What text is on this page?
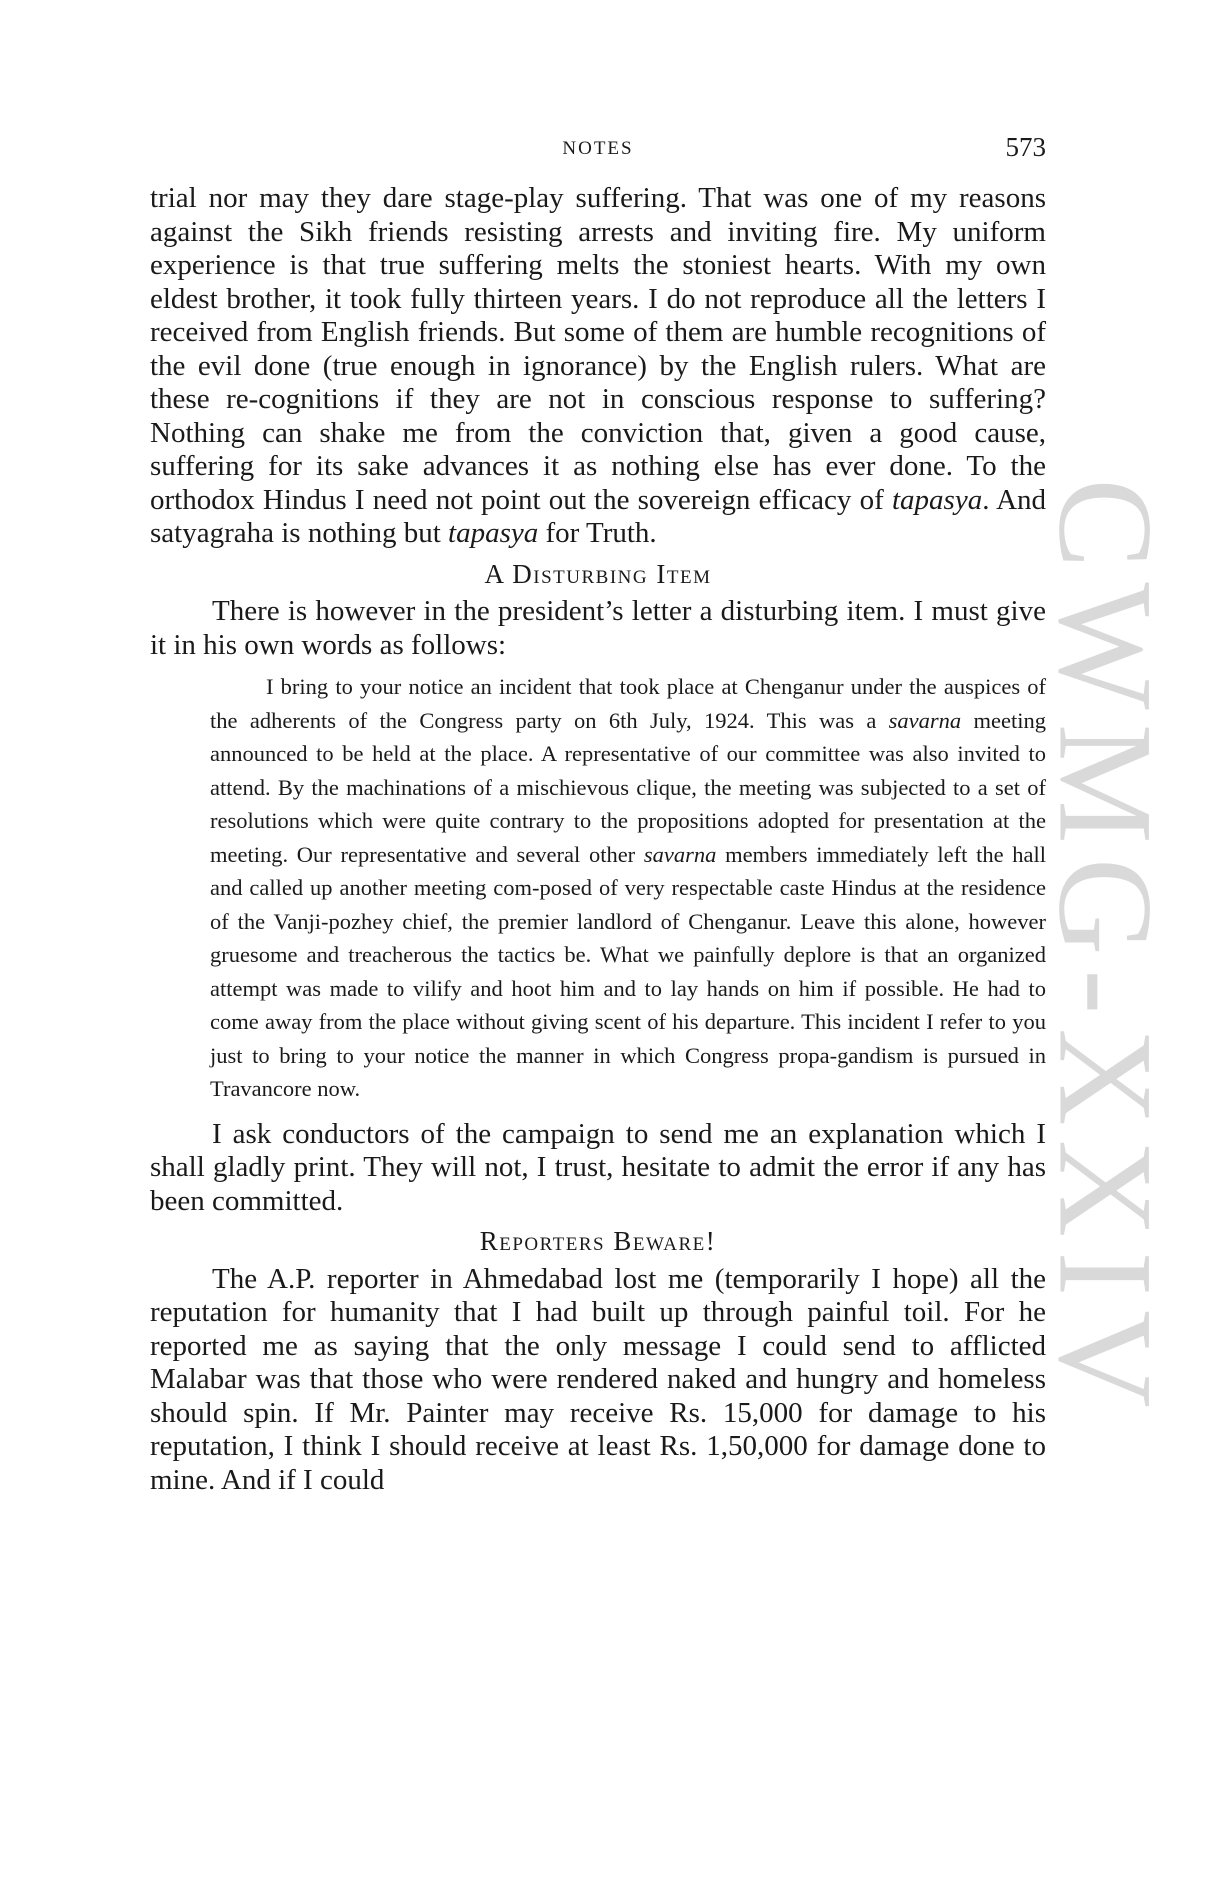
NOTES	573

trial nor may they dare stage-play suffering. That was one of my reasons against the Sikh friends resisting arrests and inviting fire. My uniform experience is that true suffering melts the stoniest hearts. With my own eldest brother, it took fully thirteen years. I do not reproduce all the letters I received from English friends. But some of them are humble recognitions of the evil done (true enough in ignorance) by the English rulers. What are these re-cognitions if they are not in conscious response to suffering? Nothing can shake me from the conviction that, given a good cause, suffering for its sake advances it as nothing else has ever done. To the orthodox Hindus I need not point out the sovereign efficacy of tapasya. And satyagraha is nothing but tapasya for Truth.

A Disturbing Item

There is however in the president’s letter a disturbing item. I must give it in his own words as follows:

I bring to your notice an incident that took place at Chenganur under the auspices of the adherents of the Congress party on 6th July, 1924. This was a savarna meeting announced to be held at the place. A representative of our committee was also invited to attend. By the machinations of a mischievous clique, the meeting was subjected to a set of resolutions which were quite contrary to the propositions adopted for presentation at the meeting. Our representative and several other savarna members immediately left the hall and called up another meeting com-posed of very respectable caste Hindus at the residence of the Vanji-pozhey chief, the premier landlord of Chenganur. Leave this alone, however gruesome and treacherous the tactics be. What we painfully deplore is that an organized attempt was made to vilify and hoot him and to lay hands on him if possible. He had to come away from the place without giving scent of his departure. This incident I refer to you just to bring to your notice the manner in which Congress propa-gandism is pursued in Travancore now.

I ask conductors of the campaign to send me an explanation which I shall gladly print. They will not, I trust, hesitate to admit the error if any has been committed.

Reporters Beware!

The A.P. reporter in Ahmedabad lost me (temporarily I hope) all the reputation for humanity that I had built up through painful toil. For he reported me as saying that the only message I could send to afflicted Malabar was that those who were rendered naked and hungry and homeless should spin. If Mr. Painter may receive Rs. 15,000 for damage to his reputation, I think I should receive at least Rs. 1,50,000 for damage done to mine. And if I could

CWMG-XXIV
